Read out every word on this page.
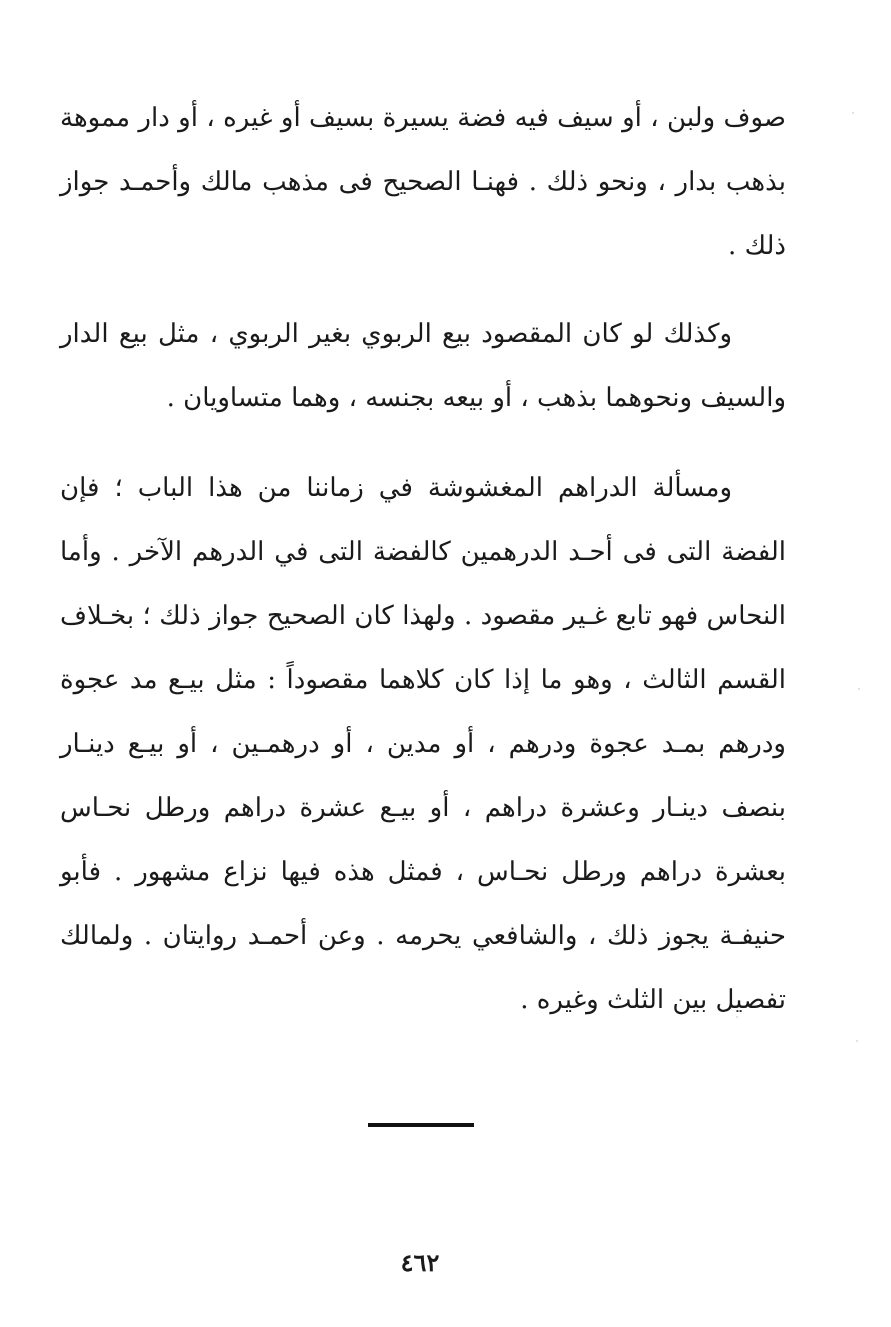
صوف ولبن ، أو سيف فيه فضة يسيرة بسيف أو غيره ، أو دار مموهة بذهب بدار ، ونحو ذلك . فهنـا الصحيح فى مذهب مالك وأحمـد جواز ذلك .

وكذلك لو كان المقصود بيع الربوي بغير الربوي ، مثل بيع الدار والسيف ونحوهما بذهب ، أو بيعه بجنسه ، وهما متساويان .

ومسألة الدراهم المغشوشة في زماننا من هذا الباب ؛ فإن الفضة التى فى أحـد الدرهمين كالفضة التى في الدرهم الآخر . وأما النحاس فهو تابع غـير مقصود . ولهذا كان الصحيح جواز ذلك ؛ بخـلاف القسم الثالث ، وهو ما إذا كان كلاهما مقصوداً : مثل بيـع مد عجوة ودرهم بمـد عجوة ودرهم ، أو مدين ، أو درهمـين ، أو بيـع دينـار بنصف دينـار وعشرة دراهم ، أو بيـع عشرة دراهم ورطل نحـاس بعشرة دراهم ورطل نحـاس ، فمثل هذه فيها نزاع مشهور . فأبو حنيفـة يجوز ذلك ، والشافعي يحرمه . وعن أحمـد روايتان . ولمالك تفصيل بين الثلث وغيره .

٤٦٢
